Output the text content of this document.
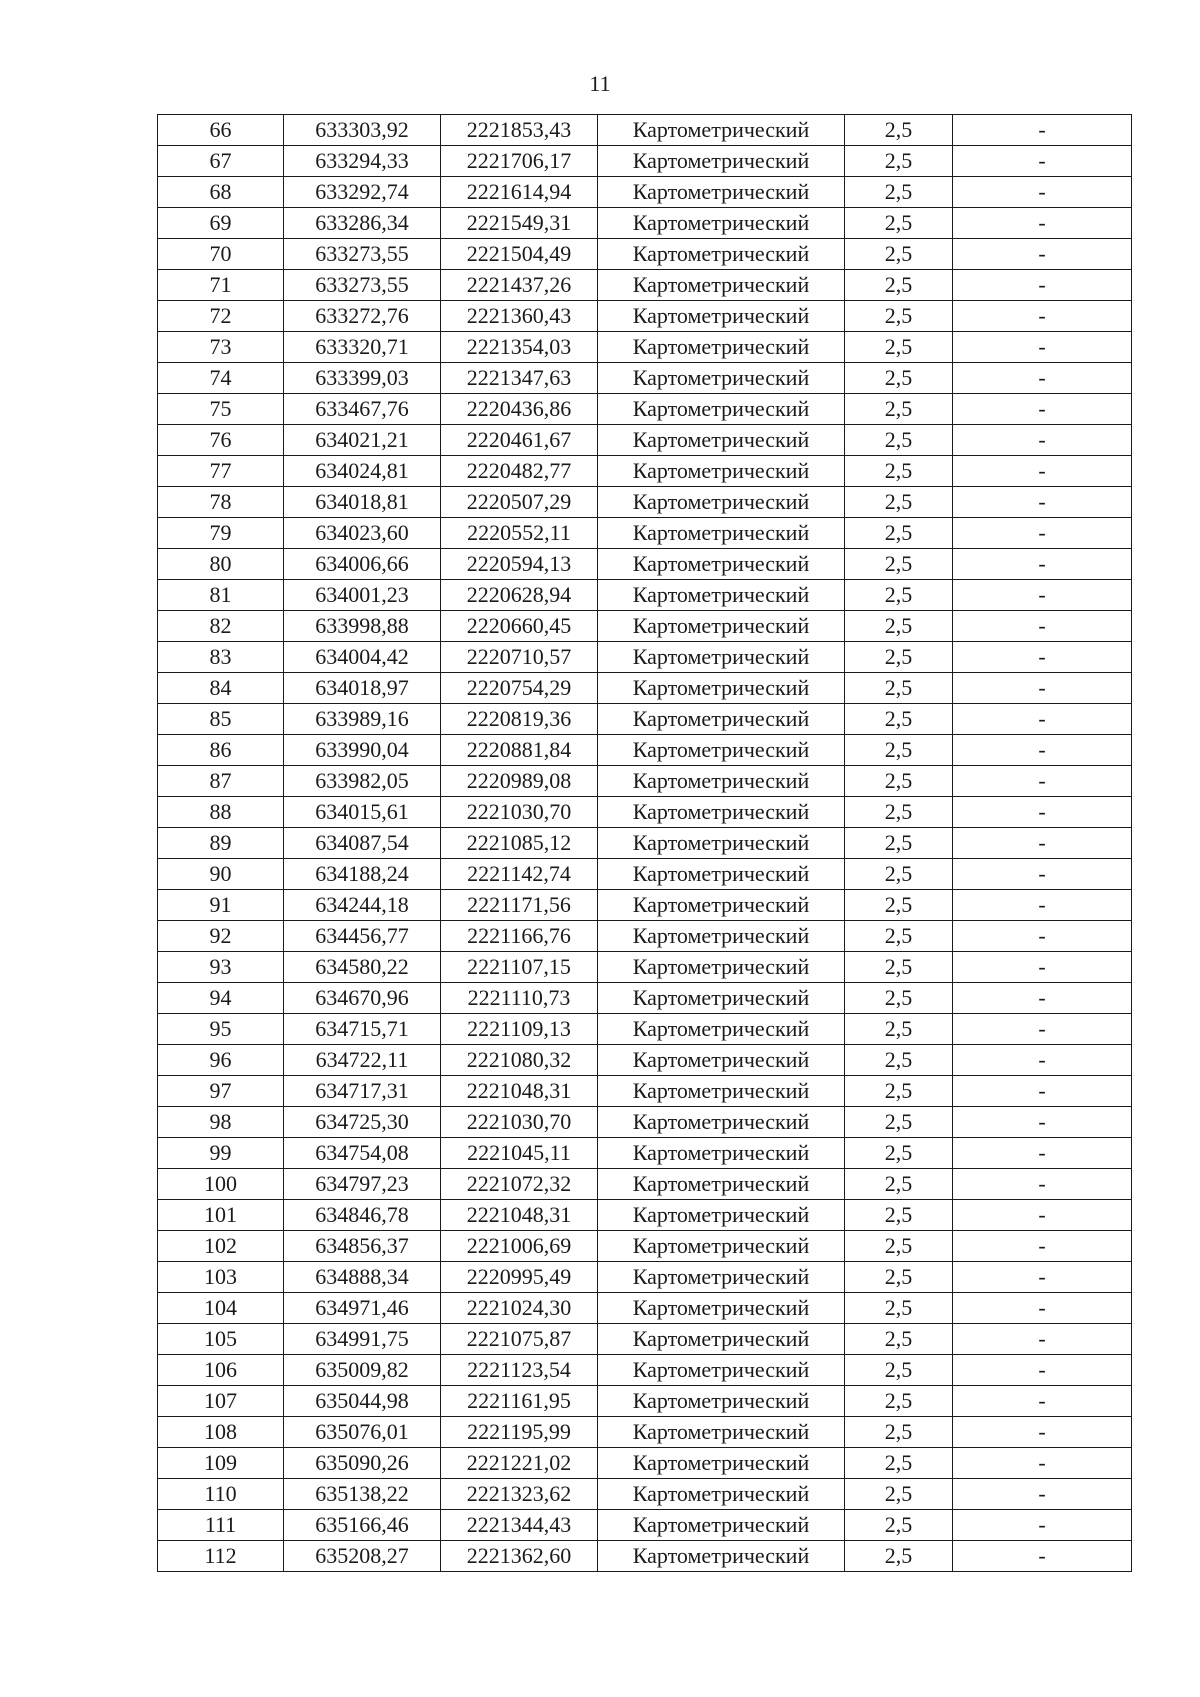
11
66	633303,92	2221853,43	Картометрический	2,5	-
67	633294,33	2221706,17	Картометрический	2,5	-
68	633292,74	2221614,94	Картометрический	2,5	-
69	633286,34	2221549,31	Картометрический	2,5	-
70	633273,55	2221504,49	Картометрический	2,5	-
71	633273,55	2221437,26	Картометрический	2,5	-
72	633272,76	2221360,43	Картометрический	2,5	-
73	633320,71	2221354,03	Картометрический	2,5	-
74	633399,03	2221347,63	Картометрический	2,5	-
75	633467,76	2220436,86	Картометрический	2,5	-
76	634021,21	2220461,67	Картометрический	2,5	-
77	634024,81	2220482,77	Картометрический	2,5	-
78	634018,81	2220507,29	Картометрический	2,5	-
79	634023,60	2220552,11	Картометрический	2,5	-
80	634006,66	2220594,13	Картометрический	2,5	-
81	634001,23	2220628,94	Картометрический	2,5	-
82	633998,88	2220660,45	Картометрический	2,5	-
83	634004,42	2220710,57	Картометрический	2,5	-
84	634018,97	2220754,29	Картометрический	2,5	-
85	633989,16	2220819,36	Картометрический	2,5	-
86	633990,04	2220881,84	Картометрический	2,5	-
87	633982,05	2220989,08	Картометрический	2,5	-
88	634015,61	2221030,70	Картометрический	2,5	-
89	634087,54	2221085,12	Картометрический	2,5	-
90	634188,24	2221142,74	Картометрический	2,5	-
91	634244,18	2221171,56	Картометрический	2,5	-
92	634456,77	2221166,76	Картометрический	2,5	-
93	634580,22	2221107,15	Картометрический	2,5	-
94	634670,96	2221110,73	Картометрический	2,5	-
95	634715,71	2221109,13	Картометрический	2,5	-
96	634722,11	2221080,32	Картометрический	2,5	-
97	634717,31	2221048,31	Картометрический	2,5	-
98	634725,30	2221030,70	Картометрический	2,5	-
99	634754,08	2221045,11	Картометрический	2,5	-
100	634797,23	2221072,32	Картометрический	2,5	-
101	634846,78	2221048,31	Картометрический	2,5	-
102	634856,37	2221006,69	Картометрический	2,5	-
103	634888,34	2220995,49	Картометрический	2,5	-
104	634971,46	2221024,30	Картометрический	2,5	-
105	634991,75	2221075,87	Картометрический	2,5	-
106	635009,82	2221123,54	Картометрический	2,5	-
107	635044,98	2221161,95	Картометрический	2,5	-
108	635076,01	2221195,99	Картометрический	2,5	-
109	635090,26	2221221,02	Картометрический	2,5	-
110	635138,22	2221323,62	Картометрический	2,5	-
111	635166,46	2221344,43	Картометрический	2,5	-
112	635208,27	2221362,60	Картометрический	2,5	-
